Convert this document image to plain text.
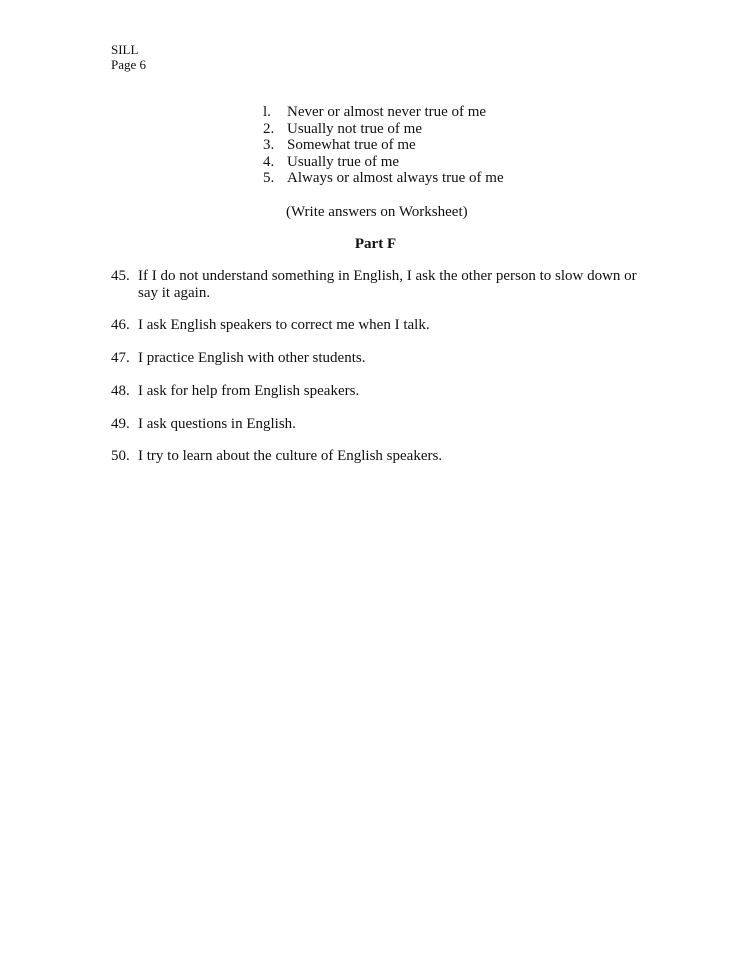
SILL
Page 6
l.	Never or almost never true of me
2. Usually not true of me
3. Somewhat true of me
4. Usually true of me
5. Always or almost always true of me
(Write answers on Worksheet)
Part F
45. If I do not understand something in English, I ask the other person to slow down or say it again.
46. I ask English speakers to correct me when I talk.
47. I practice English with other students.
48. I ask for help from English speakers.
49. I ask questions in English.
50. I try to learn about the culture of English speakers.
